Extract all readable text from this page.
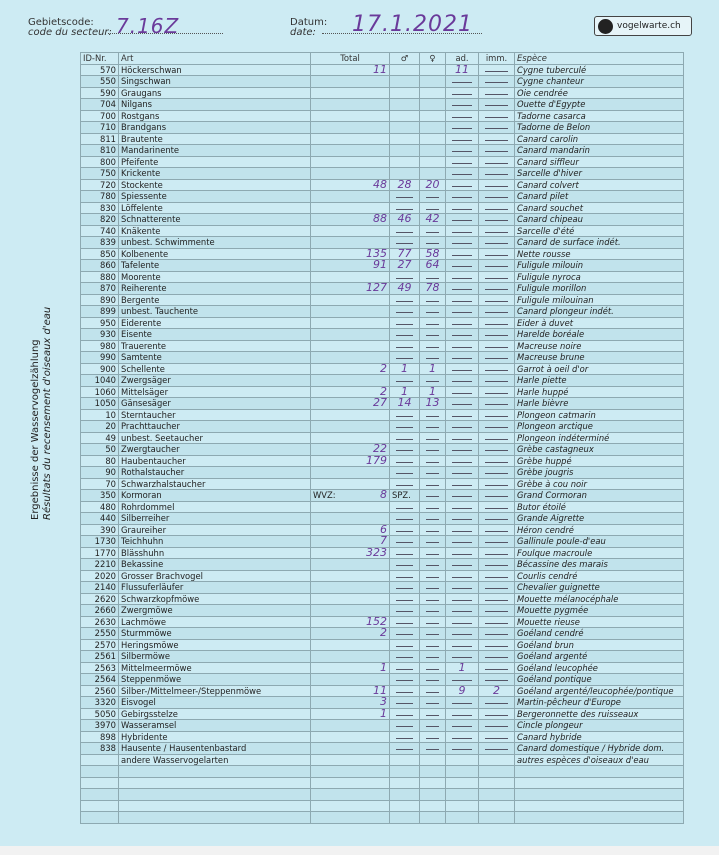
Gebietscode:
code du secteur: 7.16Z	Datum:
date:	17.1.2021	vogelwarte.ch
Ergebnisse der Wasservogelzählung Résultats du recensement d'oiseaux d'eau
ID-Nr.	Art	Total	♂	♀	ad.	imm.	Espèce
570	Höckerschwan	11			11		Cygne tuberculé
550	Singschwan						Cygne chanteur
590	Graugans						Oie cendrée
704	Nilgans						Ouette d'Egypte
700	Rostgans						Tadorne casarca
710	Brandgans						Tadorne de Belon
811	Brautente						Canard carolin
810	Mandarinente						Canard mandarin
800	Pfeifente						Canard siffleur
750	Krickente						Sarcelle d'hiver
720	Stockente	48	28	20			Canard colvert
780	Spiessente						Canard pilet
830	Löffelente						Canard souchet
820	Schnatterente	88	46	42			Canard chipeau
740	Knäkente						Sarcelle d'été
839	unbest. Schwimmente						Canard de surface indét.
850	Kolbenente	135	77	58			Nette rousse
860	Tafelente	91	27	64			Fuligule milouin
880	Moorente						Fuligule nyroca
870	Reiherente	127	49	78			Fuligule morillon
890	Bergente						Fuligule milouinan
899	unbest. Tauchente						Canard plongeur indét.
950	Eiderente						Eider à duvet
930	Eisente						Harelde boréale
980	Trauerente						Macreuse noire
990	Samtente						Macreuse brune
900	Schellente	2	1	1			Garrot à oeil d'or
1040	Zwergsäger						Harle piette
1060	Mittelsäger	2	1	1			Harle huppé
1050	Gänsesäger	27	14	13			Harle bièvre
10	Sterntaucher						Plongeon catmarin
20	Prachttaucher						Plongeon arctique
49	unbest. Seetaucher						Plongeon indéterminé
50	Zwergtaucher	22					Grèbe castagneux
80	Haubentaucher	179					Grèbe huppé
90	Rothalstaucher						Grèbe jougris
70	Schwarzhalstaucher						Grèbe à cou noir
350	Kormoran	WVZ: 8	SPZ.				Grand Cormoran
480	Rohrdommel						Butor étoilé
440	Silberreiher						Grande Aigrette
390	Graureiher	6					Héron cendré
1730	Teichhuhn	7					Gallinule poule-d'eau
1770	Blässhuhn	323					Foulque macroule
2210	Bekassine						Bécassine des marais
2020	Grosser Brachvogel						Courlis cendré
2140	Flussuferläufer						Chevalier guignette
2620	Schwarzkopfmöwe						Mouette mélanocéphale
2660	Zwergmöwe						Mouette pygmée
2630	Lachmöwe	152					Mouette rieuse
2550	Sturmmöwe	2					Goéland cendré
2570	Heringsmöwe						Goéland brun
2561	Silbermöwe						Goéland argenté
2563	Mittelmeermöwe	1			1		Goéland leucophée
2564	Steppenmöwe						Goéland pontique
2560	Silber-/Mittelmeer-/Steppenmöwe	11			9	2	Goéland argenté/leucophée/pontique
3320	Eisvogel	3					Martin-pêcheur d'Europe
5050	Gebirgsstelze	1					Bergeronnette des ruisseaux
3970	Wasseramsel						Cincle plongeur
898	Hybridente						Canard hybride
838	Hausente / Hausentenbastard						Canard domestique / Hybride dom.
	andere Wasservogelarten						autres espèces d'oiseaux d'eau
